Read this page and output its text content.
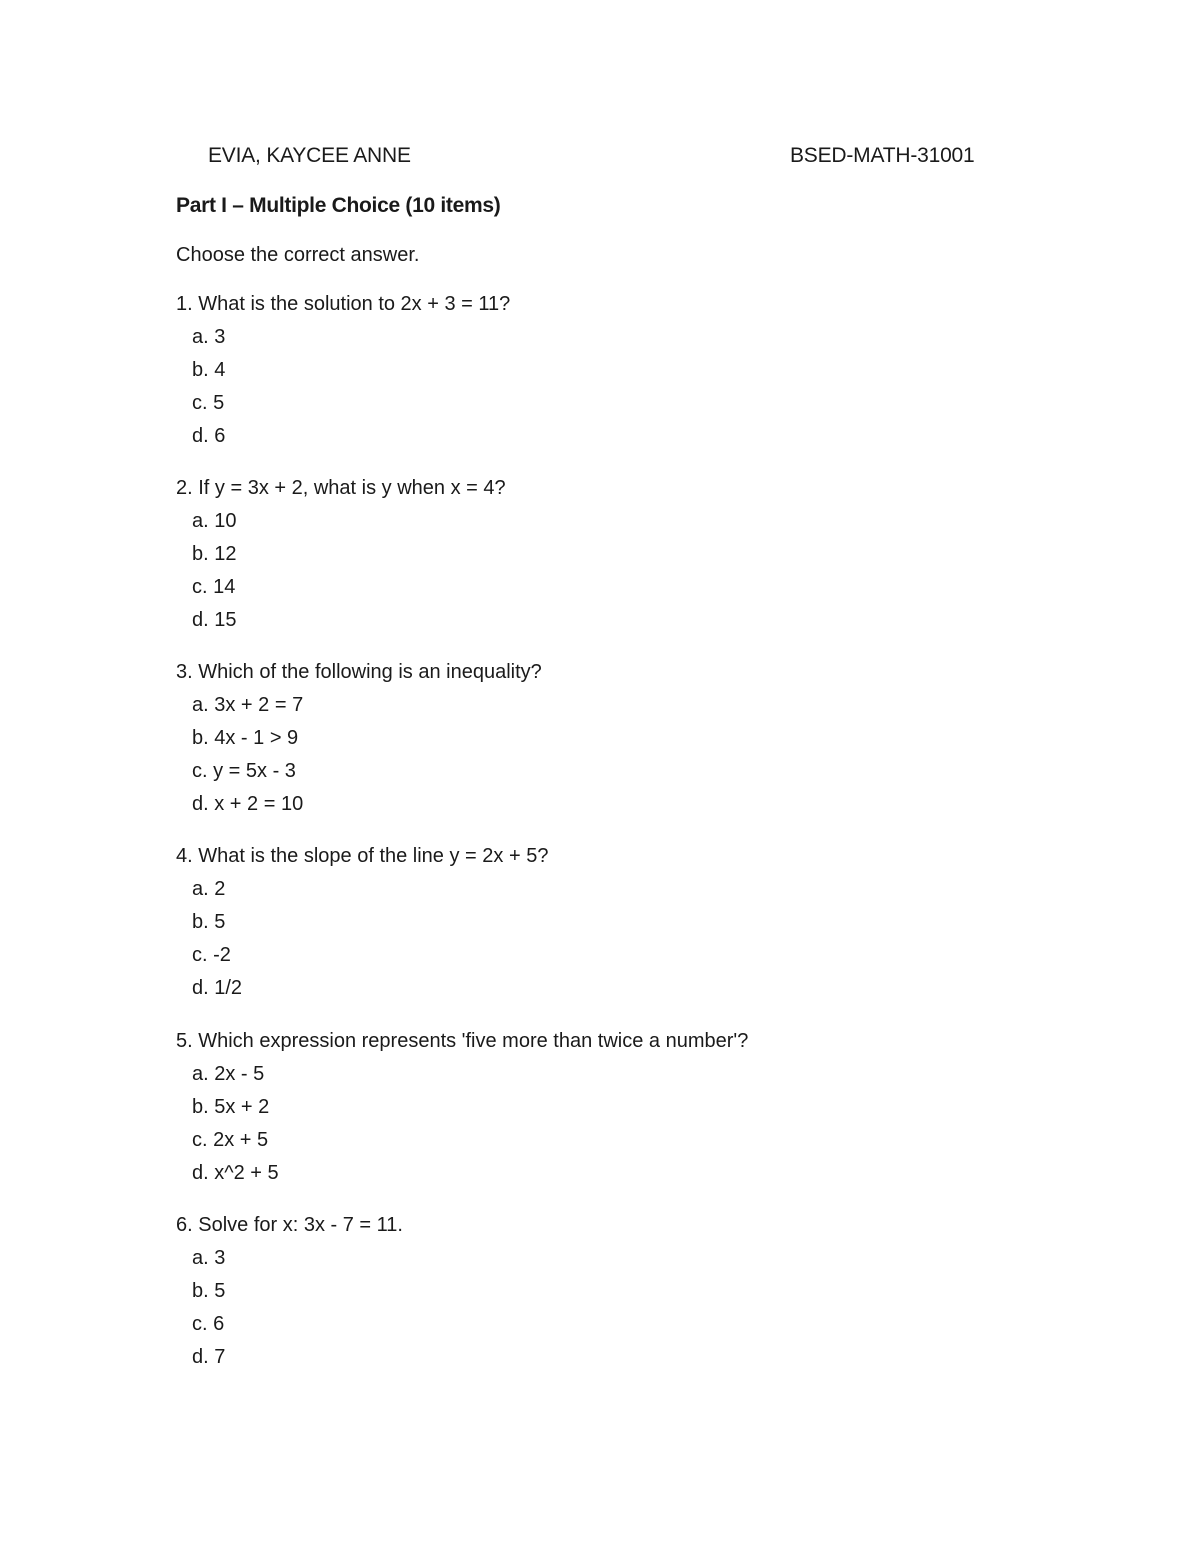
EVIA, KAYCEE ANNE	BSED-MATH-31001
Part I – Multiple Choice (10 items)
Choose the correct answer.
1. What is the solution to 2x + 3 = 11?
a. 3
b. 4
c. 5
d. 6
2. If y = 3x + 2, what is y when x = 4?
a. 10
b. 12
c. 14
d. 15
3. Which of the following is an inequality?
a. 3x + 2 = 7
b. 4x - 1 > 9
c. y = 5x - 3
d. x + 2 = 10
4. What is the slope of the line y = 2x + 5?
a. 2
b. 5
c. -2
d. 1/2
5. Which expression represents 'five more than twice a number'?
a. 2x - 5
b. 5x + 2
c. 2x + 5
d. x^2 + 5
6. Solve for x: 3x - 7 = 11.
a. 3
b. 5
c. 6
d. 7
